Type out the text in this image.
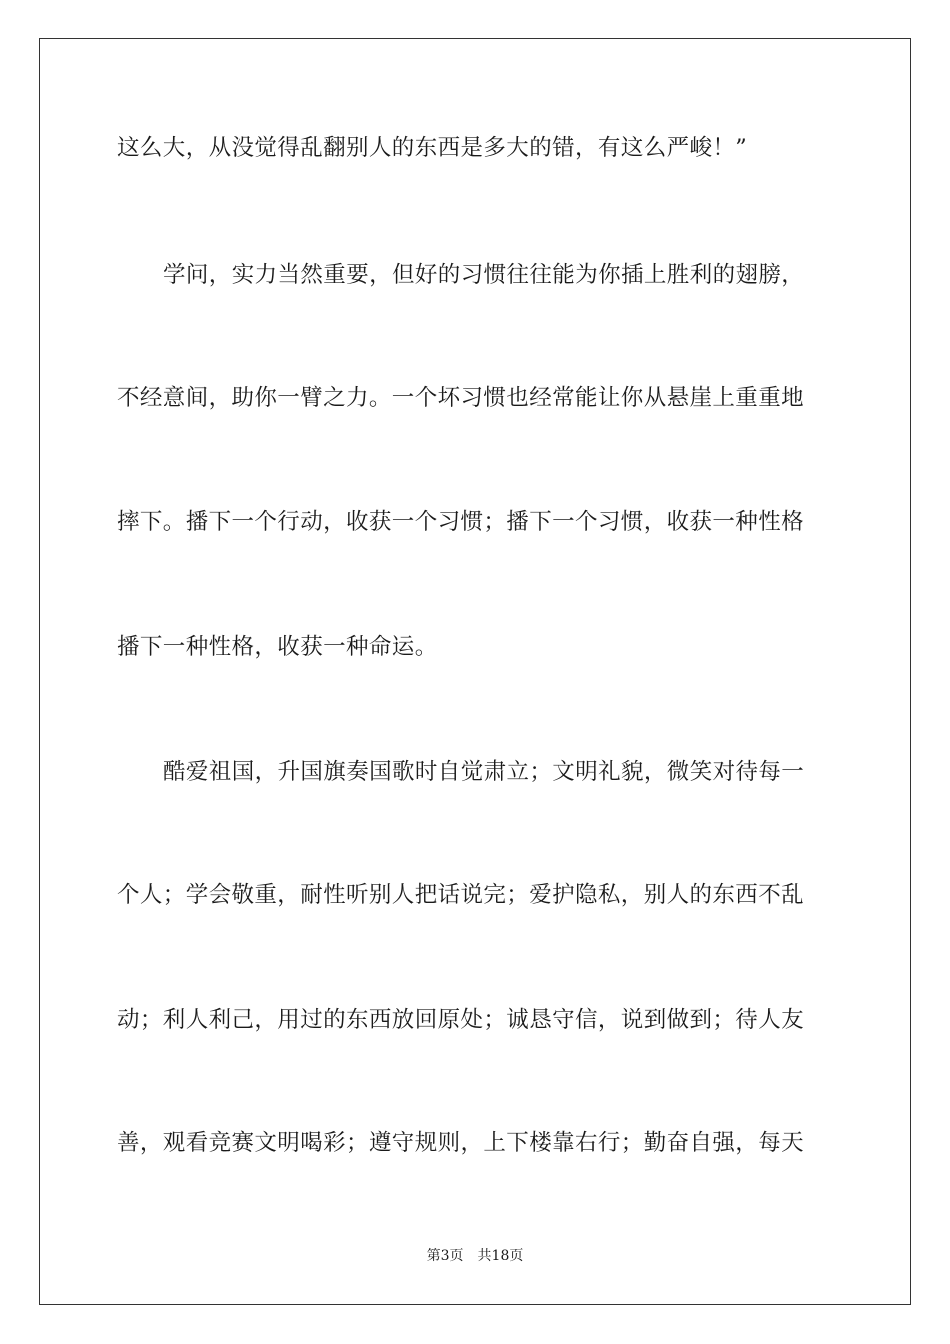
这么大，从没觉得乱翻别人的东西是多大的错，有这么严峻！”
学问，实力当然重要，但好的习惯往往能为你插上胜利的翅膀，
不经意间，助你一臂之力。一个坏习惯也经常能让你从悬崖上重重地
摔下。播下一个行动，收获一个习惯；播下一个习惯，收获一种性格
播下一种性格，收获一种命运。
酷爱祖国，升国旗奏国歌时自觉肃立；文明礼貌，微笑对待每一
个人；学会敬重，耐性听别人把话说完；爱护隐私，别人的东西不乱
动；利人利己，用过的东西放回原处；诚恳守信，说到做到；待人友
善，观看竞赛文明喝彩；遵守规则，上下楼靠右行；勤奋自强，每天
第3页 共18页
